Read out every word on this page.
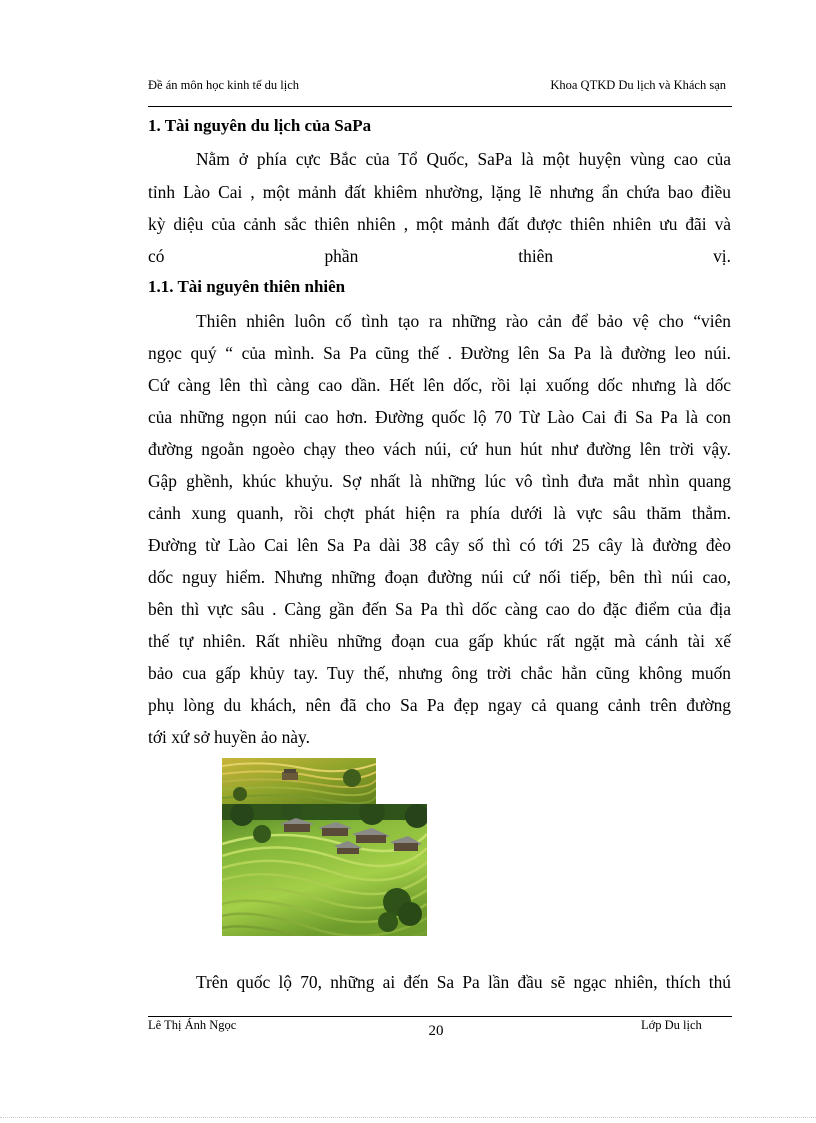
Đề án môn học kinh tế du lịch	Khoa QTKD Du lịch và Khách sạn
1. Tài nguyên du lịch của SaPa
Nằm ở phía cực Bắc của Tổ Quốc, SaPa là một huyện vùng cao của
tỉnh Lào Cai , một mảnh đất khiêm nhường, lặng lẽ nhưng ẩn chứa bao điều
kỳ diệu của cảnh sắc thiên nhiên , một mảnh đất được thiên nhiên ưu đãi và
có phần thiên vị.
1.1. Tài nguyên thiên nhiên
Thiên nhiên luôn cố tình tạo ra những rào cản để bảo vệ cho “viên
ngọc quý “ của mình. Sa Pa cũng thế . Đường lên Sa Pa là đường leo núi.
Cứ càng lên thì càng cao dần. Hết lên dốc, rồi lại xuống dốc nhưng là dốc
của những ngọn núi cao hơn. Đường quốc lộ 70 Từ Lào Cai đi Sa Pa là con
đường ngoằn ngoèo chạy theo vách núi, cứ hun hút như đường lên trời vậy.
Gập ghềnh, khúc khuỷu. Sợ nhất là những lúc vô tình đưa mắt nhìn quang
cảnh xung quanh, rồi chợt phát hiện ra phía dưới là vực sâu thăm thẳm.
Đường từ Lào Cai lên Sa Pa dài 38 cây số thì có tới 25 cây là đường đèo
dốc nguy hiểm. Nhưng những đoạn đường núi cứ nối tiếp, bên thì núi cao,
bên thì vực sâu . Càng gần đến Sa Pa thì dốc càng cao do đặc điểm của địa
thế tự nhiên. Rất nhiều những đoạn cua gấp khúc rất ngặt mà cánh tài xế
bảo cua gấp khủy tay. Tuy thế, nhưng ông trời chắc hẳn cũng không muốn
phụ lòng du khách, nên đã cho Sa Pa đẹp ngay cả quang cảnh trên đường
tới xứ sở huyền ảo này.
Trên quốc lộ 70, những ai đến Sa Pa lần đầu sẽ ngạc nhiên, thích thú
Lê Thị Ánh Ngọc	20	Lớp Du lịch
